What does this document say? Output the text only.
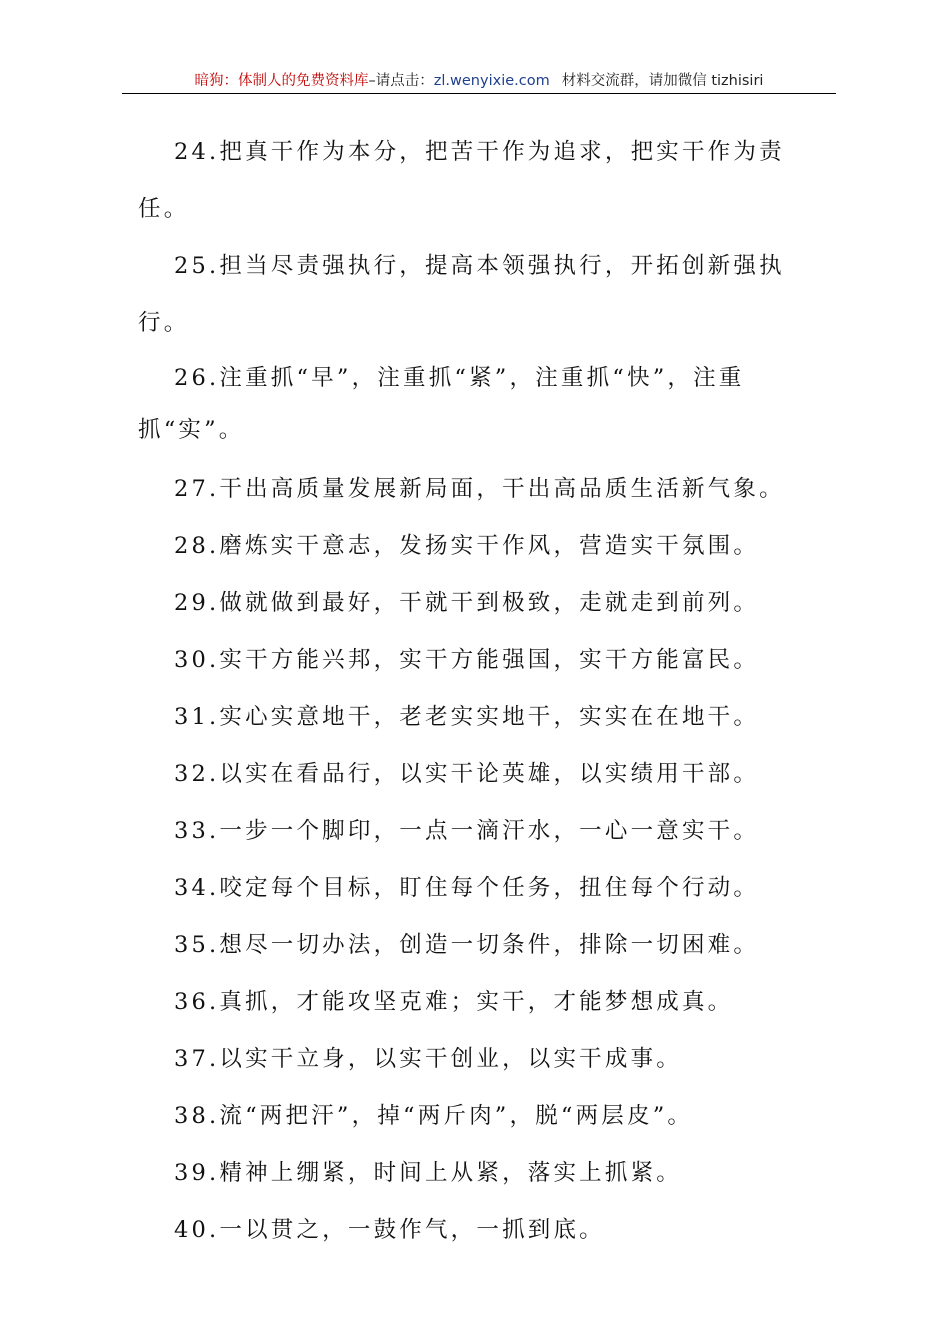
暗狗：体制人的免费资料库–请点击：zl.wenyixie.com 材料交流群，请加微信 tizhisiri

24.把真干作为本分，把苦干作为追求，把实干作为责任。

25.担当尽责强执行，提高本领强执行，开拓创新强执行。

26.注重抓“早”，注重抓“紧”，注重抓“快”，注重抓“实”。

27.干出高质量发展新局面，干出高品质生活新气象。

28.磨炼实干意志，发扬实干作风，营造实干氛围。

29.做就做到最好，干就干到极致，走就走到前列。

30.实干方能兴邦，实干方能强国，实干方能富民。

31.实心实意地干，老老实实地干，实实在在地干。

32.以实在看品行，以实干论英雄，以实绩用干部。

33.一步一个脚印，一点一滴汗水，一心一意实干。

34.咬定每个目标，盯住每个任务，扭住每个行动。

35.想尽一切办法，创造一切条件，排除一切困难。

36.真抓，才能攻坚克难；实干，才能梦想成真。

37.以实干立身，以实干创业，以实干成事。

38.流“两把汗”，掉“两斤肉”，脱“两层皮”。

39.精神上绷紧，时间上从紧，落实上抓紧。

40.一以贯之，一鼓作气，一抓到底。
